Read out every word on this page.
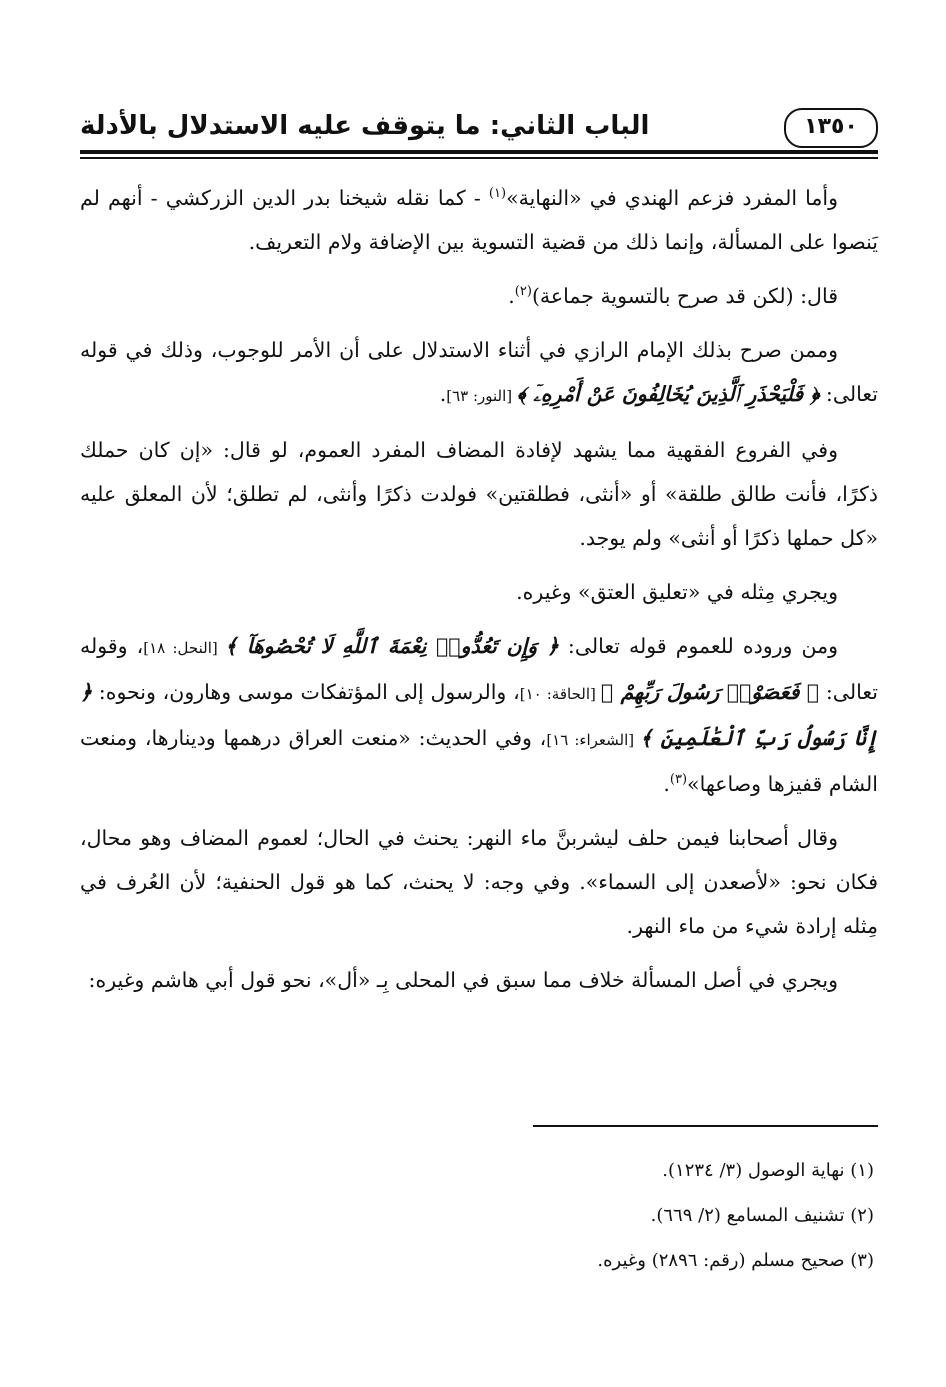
١٣٥٠
الباب الثاني: ما يتوقف عليه الاستدلال بالأدلة

وأما المفرد فزعم الهندي في «النهاية»$^{(١)}$ - كما نقله شيخنا بدر الدين الزركشي - أنهم لم يَنصوا على المسألة، وإنما ذلك من قضية التسوية بين الإضافة ولام التعريف.

قال: (لكن قد صرح بالتسوية جماعة)$^{(٢)}$.

وممن صرح بذلك الإمام الرازي في أثناء الاستدلال على أن الأمر للوجوب، وذلك في قوله تعالى: ﴿ فَلْيَحْذَرِ ٱلَّذِينَ يُخَالِفُونَ عَنْ أَمْرِهِۦٓ ﴾ [النور: ٦٣].

وفي الفروع الفقهية مما يشهد لإفادة المضاف المفرد العموم، لو قال: «إن كان حملك ذكرًا، فأنت طالق طلقة» أو «أنثى، فطلقتين» فولدت ذكرًا وأنثى، لم تطلق؛ لأن المعلق عليه «كل حملها ذكرًا أو أنثى» ولم يوجد.

ويجري مِثله في «تعليق العتق» وغيره.

ومن وروده للعموم قوله تعالى: ﴿ وَإِن تَعُدُّوا۟ نِعْمَةَ ٱللَّهِ لَا تُحْصُوهَآ ﴾ [النحل: ١٨]، وقوله تعالى: ﴿ فَعَصَوْا۟ رَسُولَ رَبِّهِمْ ﴾ [الحاقة: ١٠]، والرسول إلى المؤتفكات موسى وهارون، ونحوه: ﴿ إِنَّا رَسُولُ رَبِّ ٱلْعَٰلَمِينَ ﴾ [الشعراء: ١٦]، وفي الحديث: «منعت العراق درهمها ودينارها، ومنعت الشام قفيزها وصاعها»$^{(٣)}$.

وقال أصحابنا فيمن حلف ليشربنَّ ماء النهر: يحنث في الحال؛ لعموم المضاف وهو محال، فكان نحو: «لأصعدن إلى السماء». وفي وجه: لا يحنث، كما هو قول الحنفية؛ لأن العُرف في مِثله إرادة شيء من ماء النهر.

ويجري في أصل المسألة خلاف مما سبق في المحلى بِـ «أل»، نحو قول أبي هاشم وغيره:

(١) نهاية الوصول (٣/ ١٢٣٤).
(٢) تشنيف المسامع (٢/ ٦٦٩).
(٣) صحيح مسلم (رقم: ٢٨٩٦) وغيره.
